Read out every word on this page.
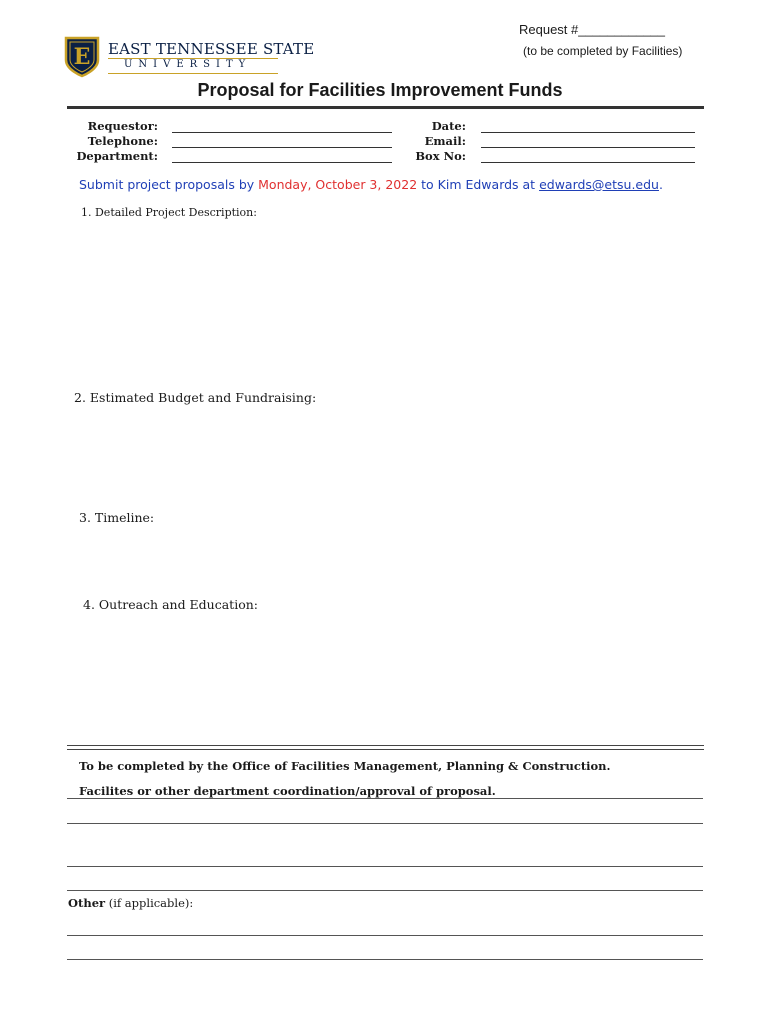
Request #____________
(to be completed by Facilities)
E EAST TENNESSEE STATE
UNIVERSITY
Proposal for Facilities Improvement Funds
Requestor:
Telephone:
Department:
Date:
Email:
Box No:
Submit project proposals by Monday, October 3, 2022 to Kim Edwards at edwards@etsu.edu.
1. Detailed Project Description:
2. Estimated Budget and Fundraising:
3. Timeline:
4. Outreach and Education:
To be completed by the Office of Facilities Management, Planning & Construction.
Facilites or other department coordination/approval of proposal.
Other (if applicable):
